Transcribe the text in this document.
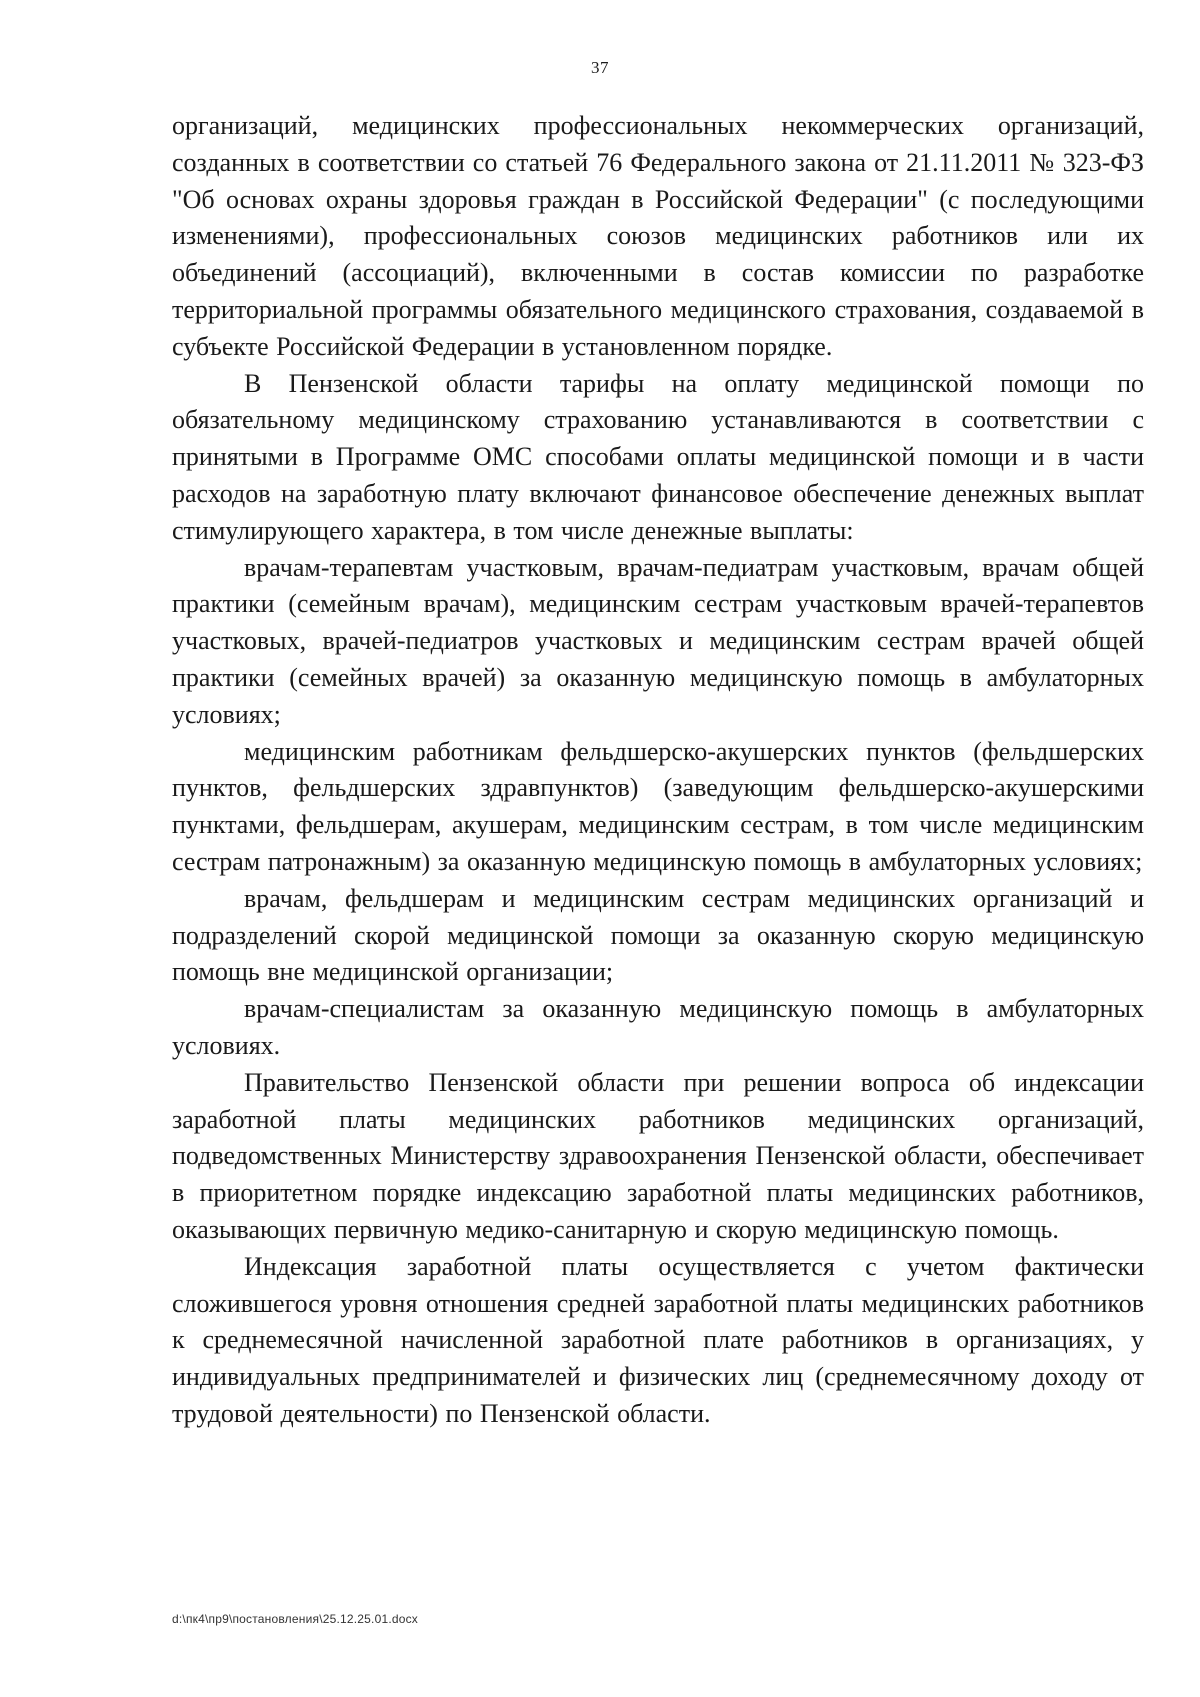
37

организаций, медицинских профессиональных некоммерческих организаций, созданных в соответствии со статьей 76 Федерального закона от 21.11.2011 № 323-ФЗ "Об основах охраны здоровья граждан в Российской Федерации" (с последующими изменениями), профессиональных союзов медицинских работников или их объединений (ассоциаций), включенными в состав комиссии по разработке территориальной программы обязательного медицинского страхования, создаваемой в субъекте Российской Федерации в установленном порядке.

В Пензенской области тарифы на оплату медицинской помощи по обязательному медицинскому страхованию устанавливаются в соответствии с принятыми в Программе ОМС способами оплаты медицинской помощи и в части расходов на заработную плату включают финансовое обеспечение денежных выплат стимулирующего характера, в том числе денежные выплаты:

врачам-терапевтам участковым, врачам-педиатрам участковым, врачам общей практики (семейным врачам), медицинским сестрам участковым врачей-терапевтов участковых, врачей-педиатров участковых и медицинским сестрам врачей общей практики (семейных врачей) за оказанную медицинскую помощь в амбулаторных условиях;

медицинским работникам фельдшерско-акушерских пунктов (фельдшерских пунктов, фельдшерских здравпунктов) (заведующим фельдшерско-акушерскими пунктами, фельдшерам, акушерам, медицинским сестрам, в том числе медицинским сестрам патронажным) за оказанную медицинскую помощь в амбулаторных условиях;

врачам, фельдшерам и медицинским сестрам медицинских организаций и подразделений скорой медицинской помощи за оказанную скорую медицинскую помощь вне медицинской организации;

врачам-специалистам за оказанную медицинскую помощь в амбулаторных условиях.

Правительство Пензенской области при решении вопроса об индексации заработной платы медицинских работников медицинских организаций, подведомственных Министерству здравоохранения Пензенской области, обеспечивает в приоритетном порядке индексацию заработной платы медицинских работников, оказывающих первичную медико-санитарную и скорую медицинскую помощь.

Индексация заработной платы осуществляется с учетом фактически сложившегося уровня отношения средней заработной платы медицинских работников к среднемесячной начисленной заработной плате работников в организациях, у индивидуальных предпринимателей и физических лиц (среднемесячному доходу от трудовой деятельности) по Пензенской области.

d:\пк4\пр9\постановления\25.12.25.01.docx
